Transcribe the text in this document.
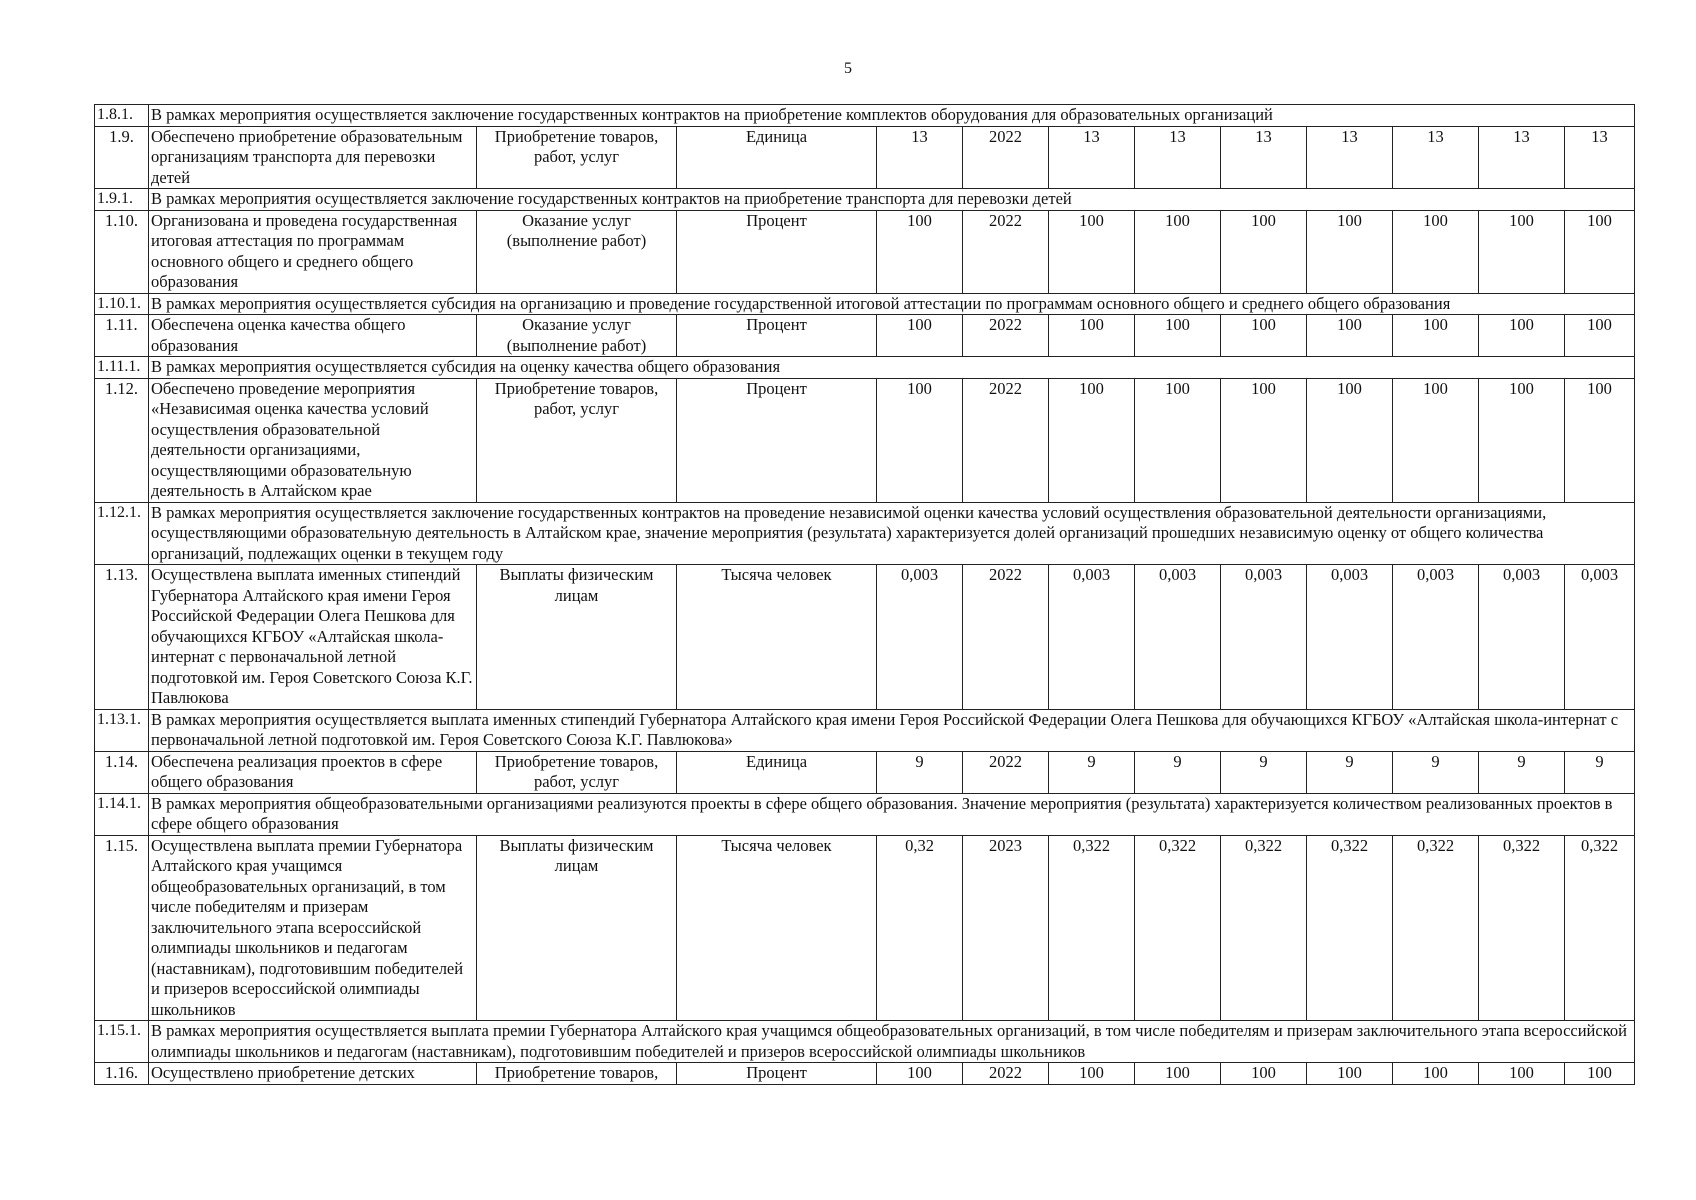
5
1.8.1.	В рамках мероприятия осуществляется заключение государственных контрактов на приобретение комплектов оборудования для образовательных организаций											
1.9.	Обеспечено приобретение образовательным организациям транспорта для перевозки детей	Приобретение товаров, работ, услуг	Единица	13	2022	13	13	13	13	13	13	13
1.9.1.	В рамках мероприятия осуществляется заключение государственных контрактов на приобретение транспорта для перевозки детей											
1.10.	Организована и проведена государственная итоговая аттестация по программам основного общего и среднего общего образования	Оказание услуг (выполнение работ)	Процент	100	2022	100	100	100	100	100	100	100
1.10.1.	В рамках мероприятия осуществляется субсидия на организацию и проведение государственной итоговой аттестации по программам основного общего и среднего общего образования											
1.11.	Обеспечена оценка качества общего образования	Оказание услуг (выполнение работ)	Процент	100	2022	100	100	100	100	100	100	100
1.11.1.	В рамках мероприятия осуществляется субсидия на оценку качества общего образования											
1.12.	Обеспечено проведение мероприятия «Независимая оценка качества условий осуществления образовательной деятельности организациями, осуществляющими образовательную деятельность в Алтайском крае	Приобретение товаров, работ, услуг	Процент	100	2022	100	100	100	100	100	100	100
1.12.1.	В рамках мероприятия осуществляется заключение государственных контрактов на проведение независимой оценки качества условий осуществления образовательной деятельности организациями, осуществляющими образовательную деятельность в Алтайском крае, значение мероприятия (результата) характеризуется долей организаций прошедших независимую оценку от общего количества организаций, подлежащих оценки в текущем году											
1.13.	Осуществлена выплата именных стипендий Губернатора Алтайского края имени Героя Российской Федерации Олега Пешкова для обучающихся КГБОУ «Алтайская школа-интернат с первоначальной летной подготовкой им. Героя Советского Союза К.Г. Павлюкова	Выплаты физическим лицам	Тысяча человек	0,003	2022	0,003	0,003	0,003	0,003	0,003	0,003	0,003
1.13.1.	В рамках мероприятия осуществляется выплата именных стипендий Губернатора Алтайского края имени Героя Российской Федерации Олега Пешкова для обучающихся КГБОУ «Алтайская школа-интернат с первоначальной летной подготовкой им. Героя Советского Союза К.Г. Павлюкова»											
1.14.	Обеспечена реализация проектов в сфере общего образования	Приобретение товаров, работ, услуг	Единица	9	2022	9	9	9	9	9	9	9
1.14.1.	В рамках мероприятия общеобразовательными организациями реализуются проекты в сфере общего образования. Значение мероприятия (результата) характеризуется количеством реализованных проектов в сфере общего образования											
1.15.	Осуществлена выплата премии Губернатора Алтайского края учащимся общеобразовательных организаций, в том числе победителям и призерам заключительного этапа всероссийской олимпиады школьников и педагогам (наставникам), подготовившим победителей и призеров всероссийской олимпиады школьников	Выплаты физическим лицам	Тысяча человек	0,32	2023	0,322	0,322	0,322	0,322	0,322	0,322	0,322
1.15.1.	В рамках мероприятия осуществляется выплата премии Губернатора Алтайского края учащимся общеобразовательных организаций, в том числе победителям и призерам заключительного этапа всероссийской олимпиады школьников и педагогам (наставникам), подготовившим победителей и призеров всероссийской олимпиады школьников											
1.16.	Осуществлено приобретение детских	Приобретение товаров,	Процент	100	2022	100	100	100	100	100	100	100
